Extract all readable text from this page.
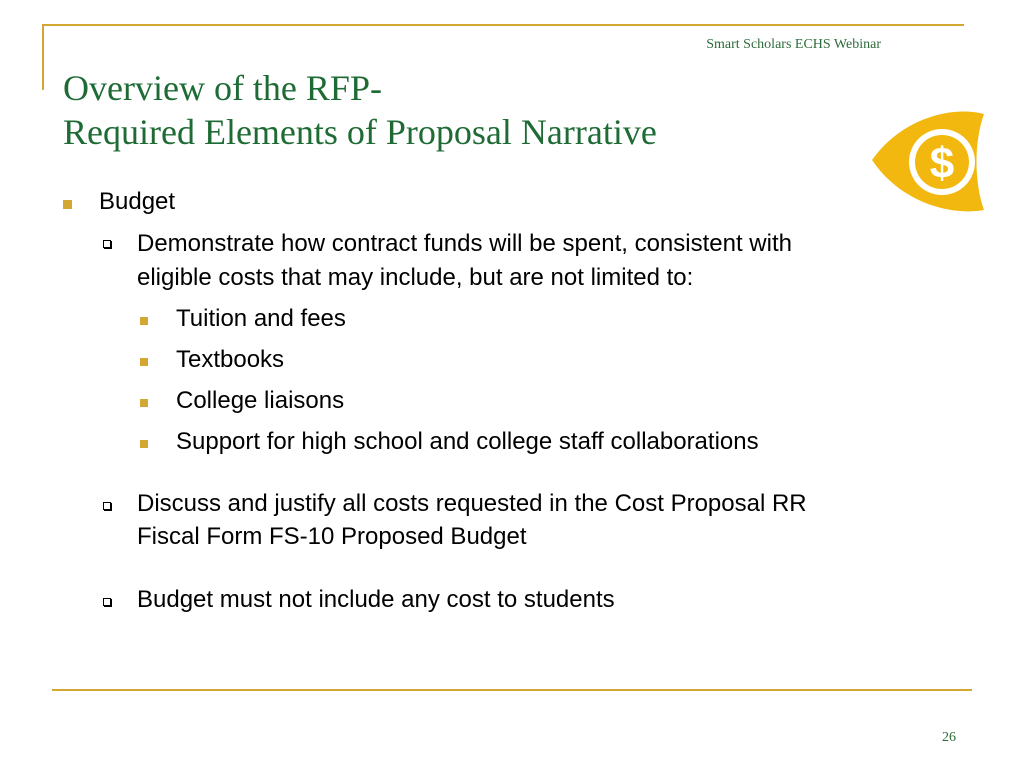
Smart Scholars ECHS Webinar
Overview of the RFP-
Required Elements of Proposal Narrative
$
Budget
Demonstrate how contract funds will be spent, consistent with
eligible costs that may include, but are not limited to:
Tuition and fees
Textbooks
College liaisons
Support for high school and college staff collaborations
Discuss and justify all costs requested in the Cost Proposal RR
Fiscal Form FS-10 Proposed Budget
Budget must not include any cost to students
26
